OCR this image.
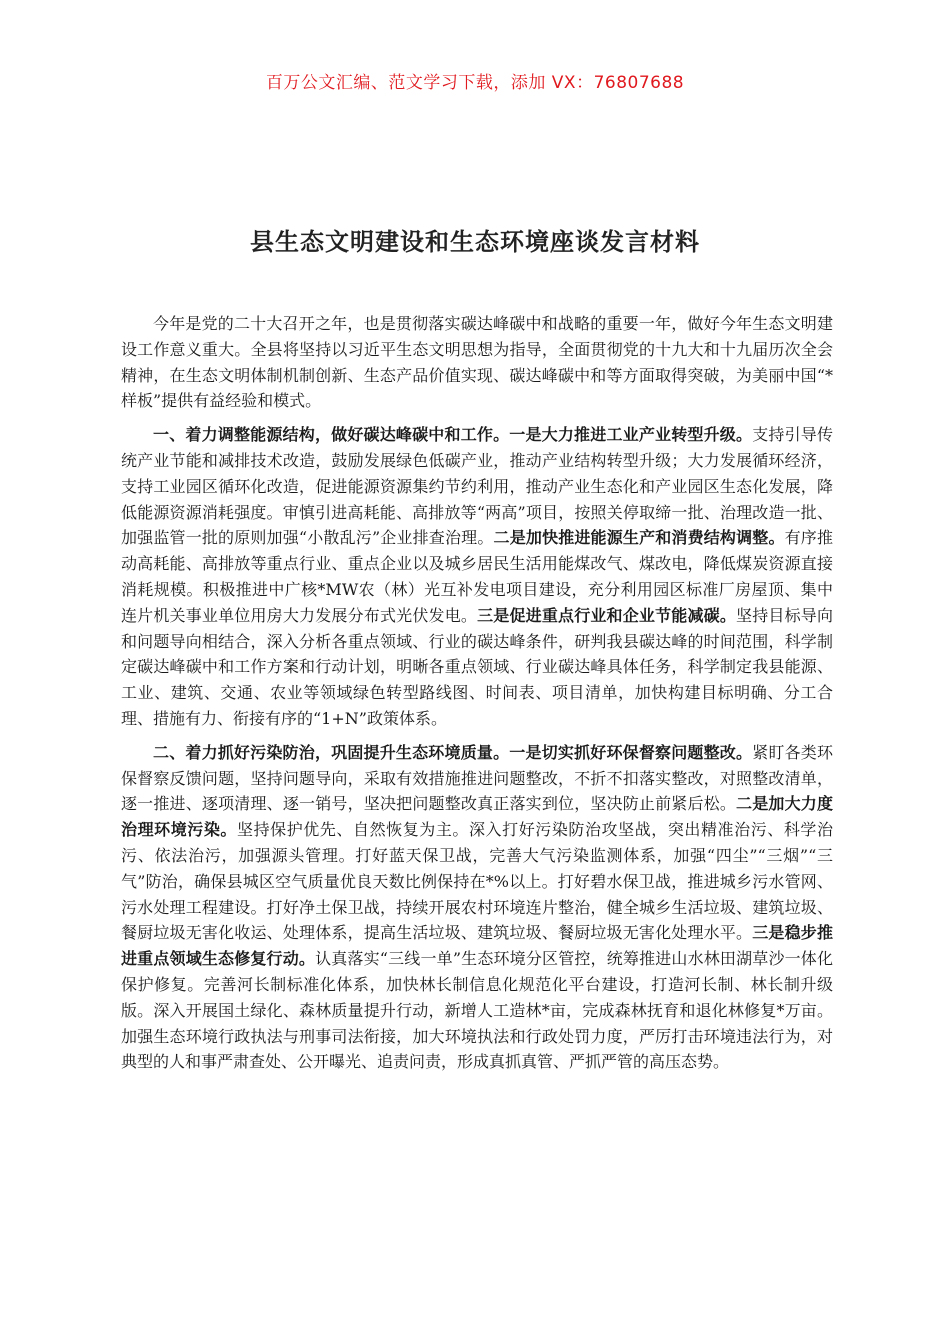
百万公文汇编、范文学习下载，添加 VX：76807688
县生态文明建设和生态环境座谈发言材料

今年是党的二十大召开之年，也是贯彻落实碳达峰碳中和战略的重要一年，做好今年生态文明建设工作意义重大。全县将坚持以习近平生态文明思想为指导，全面贯彻党的十九大和十九届历次全会精神，在生态文明体制机制创新、生态产品价值实现、碳达峰碳中和等方面取得突破，为美丽中国“*样板”提供有益经验和模式。

一、着力调整能源结构，做好碳达峰碳中和工作。一是大力推进工业产业转型升级。支持引导传统产业节能和减排技术改造，鼓励发展绿色低碳产业，推动产业结构转型升级；大力发展循环经济，支持工业园区循环化改造，促进能源资源集约节约利用，推动产业生态化和产业园区生态化发展，降低能源资源消耗强度。审慎引进高耗能、高排放等“两高”项目，按照关停取缔一批、治理改造一批、加强监管一批的原则加强“小散乱污”企业排查治理。二是加快推进能源生产和消费结构调整。有序推动高耗能、高排放等重点行业、重点企业以及城乡居民生活用能煤改气、煤改电，降低煤炭资源直接消耗规模。积极推进中广核*MW农（林）光互补发电项目建设，充分利用园区标准厂房屋顶、集中连片机关事业单位用房大力发展分布式光伏发电。三是促进重点行业和企业节能减碳。坚持目标导向和问题导向相结合，深入分析各重点领域、行业的碳达峰条件，研判我县碳达峰的时间范围，科学制定碳达峰碳中和工作方案和行动计划，明晰各重点领域、行业碳达峰具体任务，科学制定我县能源、工业、建筑、交通、农业等领域绿色转型路线图、时间表、项目清单，加快构建目标明确、分工合理、措施有力、衔接有序的“1+N”政策体系。

二、着力抓好污染防治，巩固提升生态环境质量。一是切实抓好环保督察问题整改。紧盯各类环保督察反馈问题，坚持问题导向，采取有效措施推进问题整改，不折不扣落实整改，对照整改清单，逐一推进、逐项清理、逐一销号，坚决把问题整改真正落实到位，坚决防止前紧后松。二是加大力度治理环境污染。坚持保护优先、自然恢复为主。深入打好污染防治攻坚战，突出精准治污、科学治污、依法治污，加强源头管理。打好蓝天保卫战，完善大气污染监测体系，加强“四尘”“三烟”“三气”防治，确保县城区空气质量优良天数比例保持在*%以上。打好碧水保卫战，推进城乡污水管网、污水处理工程建设。打好净土保卫战，持续开展农村环境连片整治，健全城乡生活垃圾、建筑垃圾、餐厨垃圾无害化收运、处理体系，提高生活垃圾、建筑垃圾、餐厨垃圾无害化处理水平。三是稳步推进重点领域生态修复行动。认真落实“三线一单”生态环境分区管控，统筹推进山水林田湖草沙一体化保护修复。完善河长制标准化体系，加快林长制信息化规范化平台建设，打造河长制、林长制升级版。深入开展国土绿化、森林质量提升行动，新增人工造林*亩，完成森林抚育和退化林修复*万亩。加强生态环境行政执法与刑事司法衔接，加大环境执法和行政处罚力度，严厉打击环境违法行为，对典型的人和事严肃查处、公开曝光、追责问责，形成真抓真管、严抓严管的高压态势。
